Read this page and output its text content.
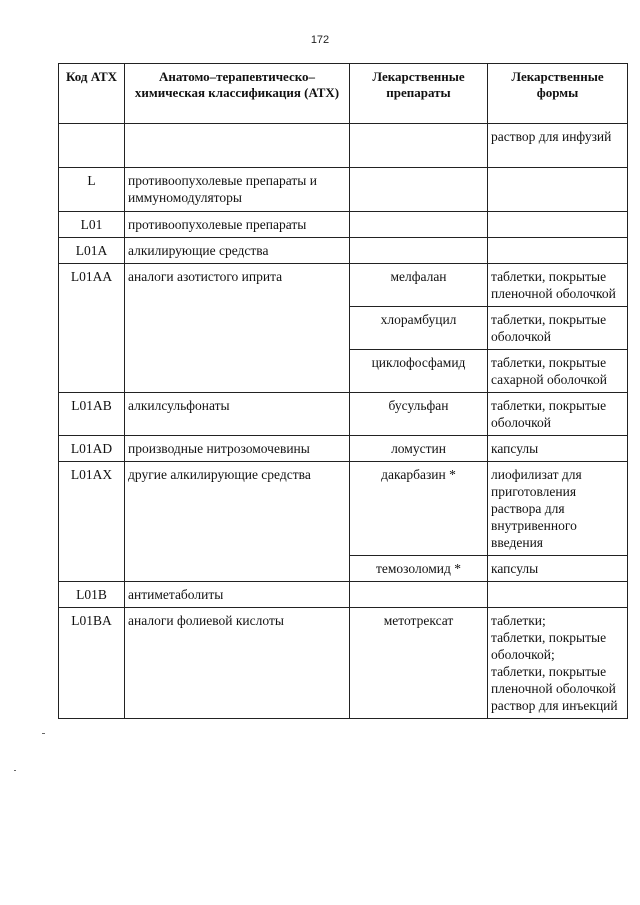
172
Код АТХ	Анатомо–терапевтическо–химическая классификация (АТХ)	Лекарственные препараты	Лекарственные формы
			раствор для инфузий
L	противоопухолевые препараты и иммуномодуляторы		
L01	противоопухолевые препараты		
L01A	алкилирующие средства		
L01AA	аналоги азотистого иприта	мелфалан	таблетки, покрытые пленочной оболочкой
		хлорамбуцил	таблетки, покрытые оболочкой
		циклофосфамид	таблетки, покрытые сахарной оболочкой
L01AB	алкилсульфонаты	бусульфан	таблетки, покрытые оболочкой
L01AD	производные нитрозомочевины	ломустин	капсулы
L01AX	другие алкилирующие средства	дакарбазин *	лиофилизат для приготовления раствора для внутривенного введения
		темозоломид *	капсулы
L01B	антиметаболиты		
L01BA	аналоги фолиевой кислоты	метотрексат	таблетки;
таблетки, покрытые оболочкой;
таблетки, покрытые пленочной оболочкой
раствор для инъекций
